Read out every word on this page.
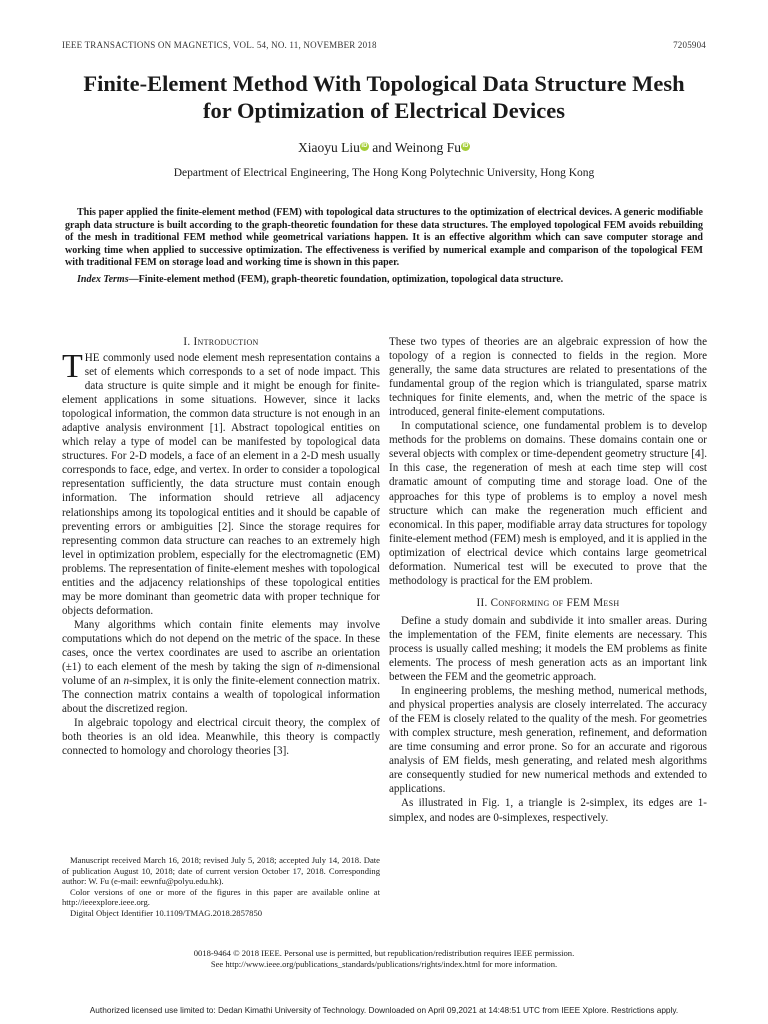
IEEE TRANSACTIONS ON MAGNETICS, VOL. 54, NO. 11, NOVEMBER 2018	7205904
Finite-Element Method With Topological Data Structure Mesh
for Optimization of Electrical Devices
Xiaoyu Liu iD and Weinong Fu iD
Department of Electrical Engineering, The Hong Kong Polytechnic University, Hong Kong

This paper applied the finite-element method (FEM) with topological data structures to the optimization of electrical devices. A generic modifiable graph data structure is built according to the graph-theoretic foundation for these data structures. The employed topological FEM avoids rebuilding of the mesh in traditional FEM method while geometrical variations happen. It is an effective algorithm which can save computer storage and working time when applied to successive optimization. The effectiveness is verified by numerical example and comparison of the topological FEM with traditional FEM on storage load and working time is shown in this paper.

Index Terms—Finite-element method (FEM), graph-theoretic foundation, optimization, topological data structure.

I. Introduction

THE commonly used node element mesh representation contains a set of elements which corresponds to a set of node impact. This data structure is quite simple and it might be enough for finite-element applications in some situations. However, since it lacks topological information, the common data structure is not enough in an adaptive analysis environment [1]. Abstract topological entities on which relay a type of model can be manifested by topological data structures. For 2-D models, a face of an element in a 2-D mesh usually corresponds to face, edge, and vertex. In order to consider a topological representation sufficiently, the data structure must contain enough information. The information should retrieve all adjacency relationships among its topological entities and it should be capable of preventing errors or ambiguities [2]. Since the storage requires for representing common data structure can reaches to an extremely high level in optimization problem, especially for the electromagnetic (EM) problems. The representation of finite-element meshes with topological entities and the adjacency relationships of these topological entities may be more dominant than geometric data with proper technique for objects deformation.

Many algorithms which contain finite elements may involve computations which do not depend on the metric of the space. In these cases, once the vertex coordinates are used to ascribe an orientation (±1) to each element of the mesh by taking the sign of n-dimensional volume of an n-simplex, it is only the finite-element connection matrix. The connection matrix contains a wealth of topological information about the discretized region.

In algebraic topology and electrical circuit theory, the complex of both theories is an old idea. Meanwhile, this theory is compactly connected to homology and chorology theories [3].

Manuscript received March 16, 2018; revised July 5, 2018; accepted July 14, 2018. Date of publication August 10, 2018; date of current version October 17, 2018. Corresponding author: W. Fu (e-mail: eewnfu@polyu.edu.hk).

Color versions of one or more of the figures in this paper are available online at http://ieeexplore.ieee.org.

Digital Object Identifier 10.1109/TMAG.2018.2857850

These two types of theories are an algebraic expression of how the topology of a region is connected to fields in the region. More generally, the same data structures are related to presentations of the fundamental group of the region which is triangulated, sparse matrix techniques for finite elements, and, when the metric of the space is introduced, general finite-element computations.

In computational science, one fundamental problem is to develop methods for the problems on domains. These domains contain one or several objects with complex or time-dependent geometry structure [4]. In this case, the regeneration of mesh at each time step will cost dramatic amount of computing time and storage load. One of the approaches for this type of problems is to employ a novel mesh structure which can make the regeneration much efficient and economical. In this paper, modifiable array data structures for topology finite-element method (FEM) mesh is employed, and it is applied in the optimization of electrical device which contains large geometrical deformation. Numerical test will be executed to prove that the methodology is practical for the EM problem.

II. Conforming of FEM Mesh

Define a study domain and subdivide it into smaller areas. During the implementation of the FEM, finite elements are necessary. This process is usually called meshing; it models the EM problems as finite elements. The process of mesh generation acts as an important link between the FEM and the geometric approach.

In engineering problems, the meshing method, numerical methods, and physical properties analysis are closely interrelated. The accuracy of the FEM is closely related to the quality of the mesh. For geometries with complex structure, mesh generation, refinement, and deformation are time consuming and error prone. So for an accurate and rigorous analysis of EM fields, mesh generating, and related mesh algorithms are consequently studied for new numerical methods and extended to applications.

As illustrated in Fig. 1, a triangle is 2-simplex, its edges are 1-simplex, and nodes are 0-simplexes, respectively.

0018-9464 © 2018 IEEE. Personal use is permitted, but republication/redistribution requires IEEE permission.
See http://www.ieee.org/publications_standards/publications/rights/index.html for more information.
Authorized licensed use limited to: Dedan Kimathi University of Technology. Downloaded on April 09,2021 at 14:48:51 UTC from IEEE Xplore. Restrictions apply.
